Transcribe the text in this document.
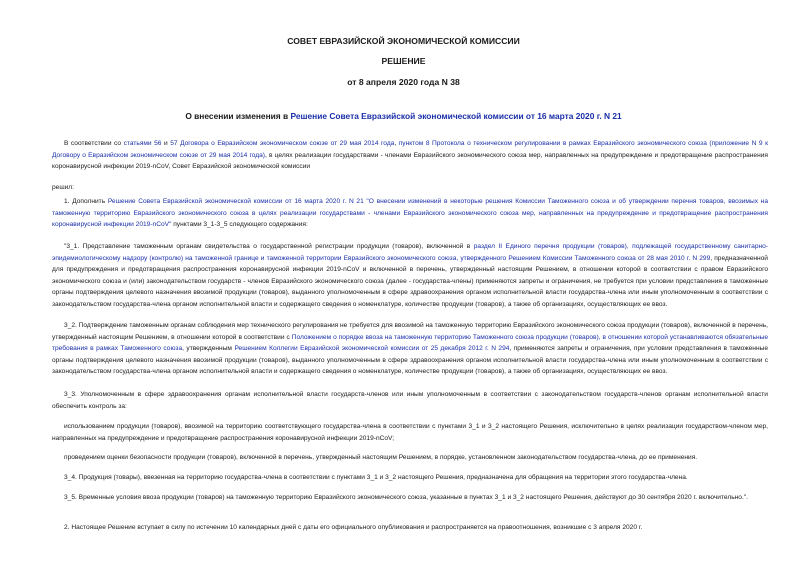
СОВЕТ ЕВРАЗИЙСКОЙ ЭКОНОМИЧЕСКОЙ КОМИССИИ
РЕШЕНИЕ
от 8 апреля 2020 года N 38
О внесении изменения в Решение Совета Евразийской экономической комиссии от 16 марта 2020 г. N 21
В соответствии со статьями 56 и 57 Договора о Евразийском экономическом союзе от 29 мая 2014 года, пунктом 8 Протокола о техническом регулировании в рамках Евразийского экономического союза (приложение N 9 к Договору о Евразийском экономическом союзе от 29 мая 2014 года), в целях реализации государствами - членами Евразийского экономического союза мер, направленных на предупреждение и предотвращение распространения коронавирусной инфекции 2019-nCoV, Совет Евразийской экономической комиссии
решил:
1. Дополнить Решение Совета Евразийской экономической комиссии от 16 марта 2020 г. N 21 "О внесении изменений в некоторые решения Комиссии Таможенного союза и об утверждении перечня товаров, ввозимых на таможенную территорию Евразийского экономического союза в целях реализации государствами - членами Евразийского экономического союза мер, направленных на предупреждение и предотвращение распространения коронавирусной инфекции 2019-nCoV" пунктами 3_1-3_5 следующего содержания:
"3_1. Представление таможенным органам свидетельства о государственной регистрации продукции (товаров), включенной в раздел II Единого перечня продукции (товаров), подлежащей государственному санитарно-эпидемиологическому надзору (контролю) на таможенной границе и таможенной территории Евразийского экономического союза, утвержденного Решением Комиссии Таможенного союза от 28 мая 2010 г. N 299, предназначенной для предупреждения и предотвращения распространения коронавирусной инфекции 2019-nCoV и включенной в перечень, утвержденный настоящим Решением, в отношении которой в соответствии с правом Евразийского экономического союза и (или) законодательством государств - членов Евразийского экономического союза (далее - государства-члены) применяются запреты и ограничения, не требуется при условии представления в таможенные органы подтверждения целевого назначения ввозимой продукции (товаров), выданного уполномоченным в сфере здравоохранения органом исполнительной власти государства-члена или иным уполномоченным в соответствии с законодательством государства-члена органом исполнительной власти и содержащего сведения о номенклатуре, количестве продукции (товаров), а также об организациях, осуществляющих ее ввоз.
3_2. Подтверждение таможенным органам соблюдения мер технического регулирования не требуется для ввозимой на таможенную территорию Евразийского экономического союза продукции (товаров), включенной в перечень, утвержденный настоящим Решением, в отношении которой в соответствии с Положением о порядке ввоза на таможенную территорию Таможенного союза продукции (товаров), в отношении которой устанавливаются обязательные требования в рамках Таможенного союза, утвержденным Решением Коллегии Евразийской экономической комиссии от 25 декабря 2012 г. N 294, применяются запреты и ограничения, при условии представления в таможенные органы подтверждения целевого назначения ввозимой продукции (товаров), выданного уполномоченным в сфере здравоохранения органом исполнительной власти государства-члена или иным уполномоченным в соответствии с законодательством государства-члена органом исполнительной власти и содержащего сведения о номенклатуре, количестве продукции (товаров), а также об организациях, осуществляющих ее ввоз.
3_3. Уполномоченным в сфере здравоохранения органам исполнительной власти государств-членов или иным уполномоченным в соответствии с законодательством государств-членов органам исполнительной власти обеспечить контроль за:
использованием продукции (товаров), ввозимой на территорию соответствующего государства-члена в соответствии с пунктами 3_1 и 3_2 настоящего Решения, исключительно в целях реализации государством-членом мер, направленных на предупреждение и предотвращение распространения коронавирусной инфекции 2019-nCoV;
проведением оценки безопасности продукции (товаров), включенной в перечень, утвержденный настоящим Решением, в порядке, установленном законодательством государства-члена, до ее применения.
3_4. Продукция (товары), ввезенная на территорию государства-члена в соответствии с пунктами 3_1 и 3_2 настоящего Решения, предназначена для обращения на территории этого государства-члена.
3_5. Временные условия ввоза продукции (товаров) на таможенную территорию Евразийского экономического союза, указанные в пунктах 3_1 и 3_2 настоящего Решения, действуют до 30 сентября 2020 г. включительно.".
2. Настоящее Решение вступает в силу по истечении 10 календарных дней с даты его официального опубликования и распространяется на правоотношения, возникшие с 3 апреля 2020 г.
